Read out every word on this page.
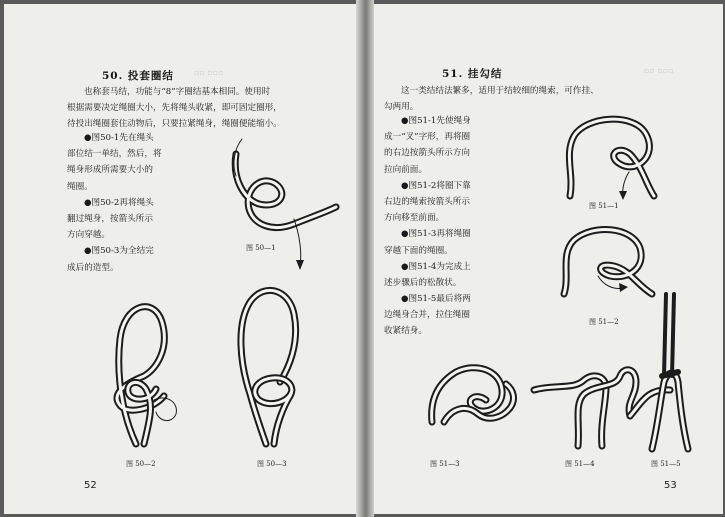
▫▫ ▫▫▫
50. 投套圈结
也称套马结，功能与“8”字圈结基本相同。使用时
根据需要决定绳圈大小，先将绳头收紧，即可固定圈形，
待投出绳圈套住动物后，只要拉紧绳身，绳圈便能缩小。
●图50-1先在绳头
部位结一单结，然后，将
绳身形成所需要大小的
绳圈。
●图50-2再将绳头
翻过绳身，按箭头所示
方向穿越。
●图50-3为全结完
成后的造型。
图 50—1
图 50—2	图 50—3
52
▫▫ ▫▫▫
51. 挂勾结
这一类结结法繁多，适用于结较细的绳索，可作挂、
勾两用。
●图51-1先使绳身
成一“叉”字形，再将圈
的右边按箭头所示方向
拉向前面。
●图51-2将圈下靠
右边的绳索按箭头所示
方向移至前面。
●图51-3再将绳圈
穿越下面的绳圈。
●图51-4为完成上
述步骤后的松散状。
●图51-5最后将两
边绳身合并，拉住绳圈
收紧结身。
图 51—1
图 51—2
图 51—3	图 51—4	图 51—5
53
